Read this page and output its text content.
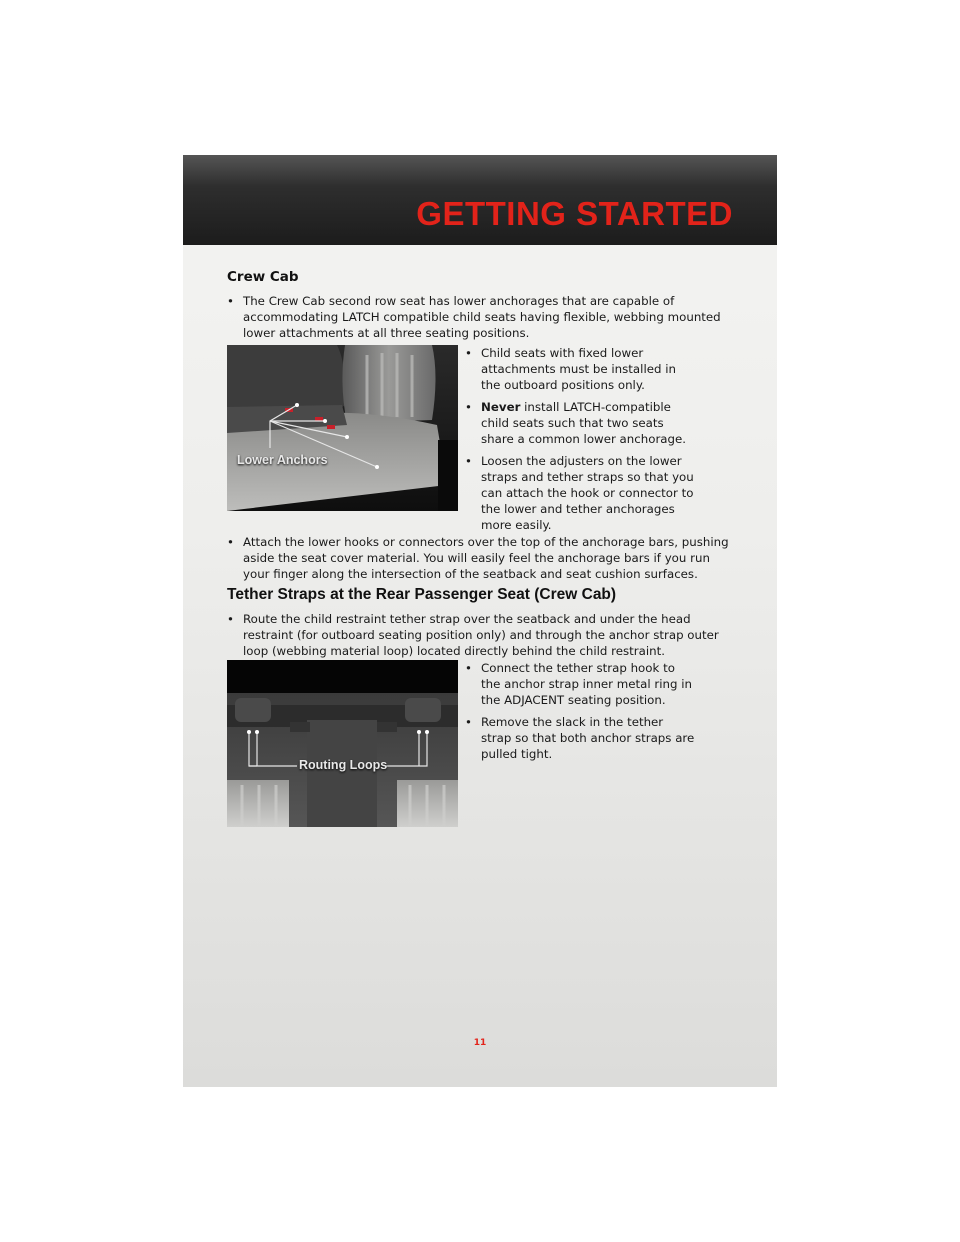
GETTING STARTED
Crew Cab

• The Crew Cab second row seat has lower anchorages that are capable of accommodating LATCH compatible child seats having flexible, webbing mounted lower attachments at all three seating positions.

Lower Anchors

• Child seats with fixed lower attachments must be installed in the outboard positions only.

• Never install LATCH-compatible child seats such that two seats share a common lower anchorage.

• Loosen the adjusters on the lower straps and tether straps so that you can attach the hook or connector to the lower and tether anchorages more easily.

• Attach the lower hooks or connectors over the top of the anchorage bars, pushing aside the seat cover material. You will easily feel the anchorage bars if you run your finger along the intersection of the seatback and seat cushion surfaces.

Tether Straps at the Rear Passenger Seat (Crew Cab)

• Route the child restraint tether strap over the seatback and under the head restraint (for outboard seating position only) and through the anchor strap outer loop (webbing material loop) located directly behind the child restraint.

Routing Loops

• Connect the tether strap hook to the anchor strap inner metal ring in the ADJACENT seating position.

• Remove the slack in the tether strap so that both anchor straps are pulled tight.

11
